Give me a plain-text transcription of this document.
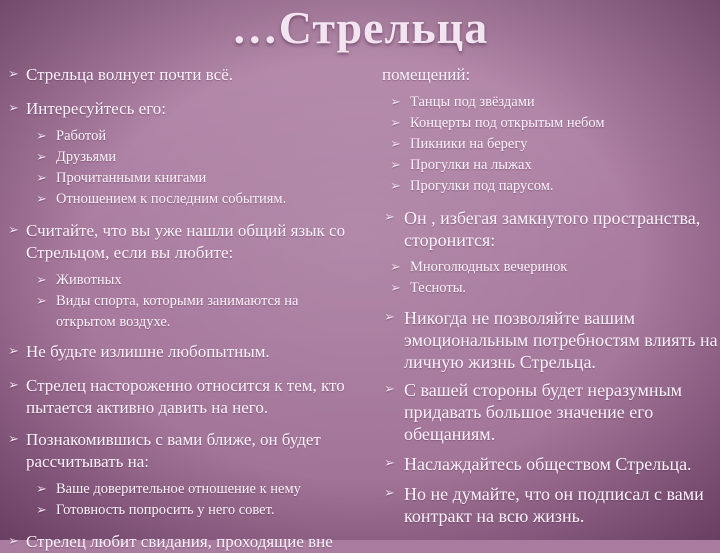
…Стрельца
➢ Стрельца волнует почти всё.
➢ Интересуйтесь его:
➢ Работой
➢ Друзьями
➢ Прочитанными книгами
➢ Отношением к последним событиям.
➢ Считайте, что вы уже нашли общий язык со Стрельцом, если вы любите:
➢ Животных
➢ Виды спорта, которыми занимаются на открытом воздухе.
➢ Не будьте излишне любопытным.
➢ Стрелец настороженно относится к тем, кто пытается активно давить на него.
➢ Познакомившись с вами ближе, он будет рассчитывать на:
➢ Ваше доверительное отношение к нему
➢ Готовность попросить у него совет.
➢ Стрелец любит свидания, проходящие вне
помещений:
➢ Танцы под звёздами
➢ Концерты под открытым небом
➢ Пикники на берегу
➢ Прогулки на лыжах
➢ Прогулки под парусом.
➢ Он , избегая замкнутого пространства, сторонится:
➢ Многолюдных вечеринок
➢ Тесноты.
➢ Никогда не позволяйте вашим эмоциональным потребностям влиять на личную жизнь Стрельца.
➢ С вашей стороны будет неразумным придавать большое значение его обещаниям.
➢ Наслаждайтесь обществом Стрельца.
➢ Но не думайте, что он подписал с вами контракт на всю жизнь.
